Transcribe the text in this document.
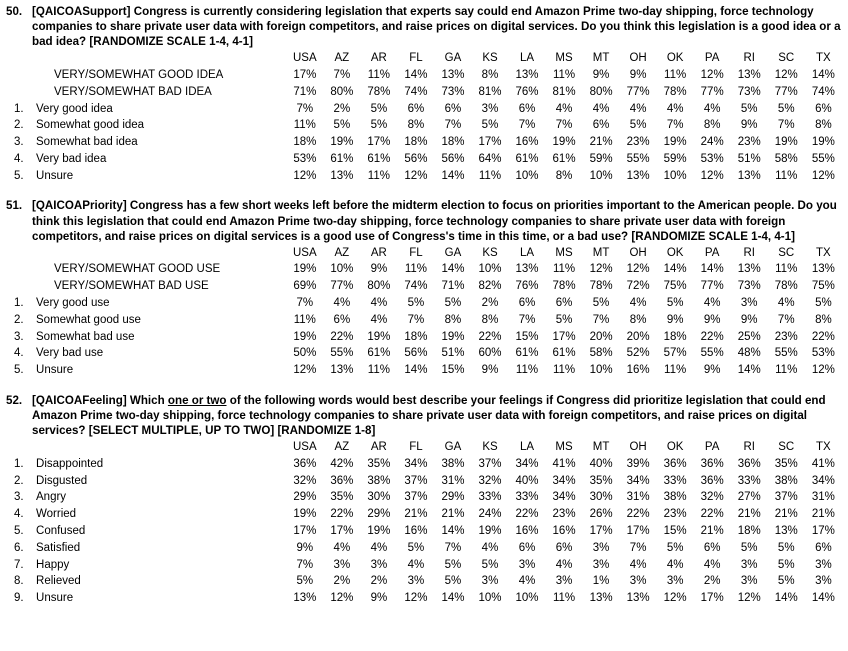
50. [QAICOASupport] Congress is currently considering legislation that experts say could end Amazon Prime two-day shipping, force technology companies to share private user data with foreign competitors, and raise prices on digital services. Do you think this legislation is a good idea or a bad idea? [RANDOMIZE SCALE 1-4, 4-1]
		USA	AZ	AR	FL	GA	KS	LA	MS	MT	OH	OK	PA	RI	SC	TX
	VERY/SOMEWHAT GOOD IDEA	17%	7%	11%	14%	13%	8%	13%	11%	9%	9%	11%	12%	13%	12%	14%
	VERY/SOMEWHAT BAD IDEA	71%	80%	78%	74%	73%	81%	76%	81%	80%	77%	78%	77%	73%	77%	74%
1.	Very good idea	7%	2%	5%	6%	6%	3%	6%	4%	4%	4%	4%	4%	5%	5%	6%
2.	Somewhat good idea	11%	5%	5%	8%	7%	5%	7%	7%	6%	5%	7%	8%	9%	7%	8%
3.	Somewhat bad idea	18%	19%	17%	18%	18%	17%	16%	19%	21%	23%	19%	24%	23%	19%	19%
4.	Very bad idea	53%	61%	61%	56%	56%	64%	61%	61%	59%	55%	59%	53%	51%	58%	55%
5.	Unsure	12%	13%	11%	12%	14%	11%	10%	8%	10%	13%	10%	12%	13%	11%	12%
51. [QAICOAPriority] Congress has a few short weeks left before the midterm election to focus on priorities important to the American people. Do you think this legislation that could end Amazon Prime two-day shipping, force technology companies to share private user data with foreign competitors, and raise prices on digital services is a good use of Congress's time in this time, or a bad use? [RANDOMIZE SCALE 1-4, 4-1]
		USA	AZ	AR	FL	GA	KS	LA	MS	MT	OH	OK	PA	RI	SC	TX
	VERY/SOMEWHAT GOOD USE	19%	10%	9%	11%	14%	10%	13%	11%	12%	12%	14%	14%	13%	11%	13%
	VERY/SOMEWHAT BAD USE	69%	77%	80%	74%	71%	82%	76%	78%	78%	72%	75%	77%	73%	78%	75%
1.	Very good use	7%	4%	4%	5%	5%	2%	6%	6%	5%	4%	5%	4%	3%	4%	5%
2.	Somewhat good use	11%	6%	4%	7%	8%	8%	7%	5%	7%	8%	9%	9%	9%	7%	8%
3.	Somewhat bad use	19%	22%	19%	18%	19%	22%	15%	17%	20%	20%	18%	22%	25%	23%	22%
4.	Very bad use	50%	55%	61%	56%	51%	60%	61%	61%	58%	52%	57%	55%	48%	55%	53%
5.	Unsure	12%	13%	11%	14%	15%	9%	11%	11%	10%	16%	11%	9%	14%	11%	12%
52. [QAICOAFeeling] Which one or two of the following words would best describe your feelings if Congress did prioritize legislation that could end Amazon Prime two-day shipping, force technology companies to share private user data with foreign competitors, and raise prices on digital services? [SELECT MULTIPLE, UP TO TWO] [RANDOMIZE 1-8]
		USA	AZ	AR	FL	GA	KS	LA	MS	MT	OH	OK	PA	RI	SC	TX
1.	Disappointed	36%	42%	35%	34%	38%	37%	34%	41%	40%	39%	36%	36%	36%	35%	41%
2.	Disgusted	32%	36%	38%	37%	31%	32%	40%	34%	35%	34%	33%	36%	33%	38%	34%
3.	Angry	29%	35%	30%	37%	29%	33%	33%	34%	30%	31%	38%	32%	27%	37%	31%
4.	Worried	19%	22%	29%	21%	21%	24%	22%	23%	26%	22%	23%	22%	21%	21%	21%
5.	Confused	17%	17%	19%	16%	14%	19%	16%	16%	17%	17%	15%	21%	18%	13%	17%
6.	Satisfied	9%	4%	4%	5%	7%	4%	6%	6%	3%	7%	5%	6%	5%	5%	6%
7.	Happy	7%	3%	3%	4%	5%	5%	3%	4%	3%	4%	4%	4%	3%	5%	3%
8.	Relieved	5%	2%	2%	3%	5%	3%	4%	3%	1%	3%	3%	2%	3%	5%	3%
9.	Unsure	13%	12%	9%	12%	14%	10%	10%	11%	13%	13%	12%	17%	12%	14%	14%
